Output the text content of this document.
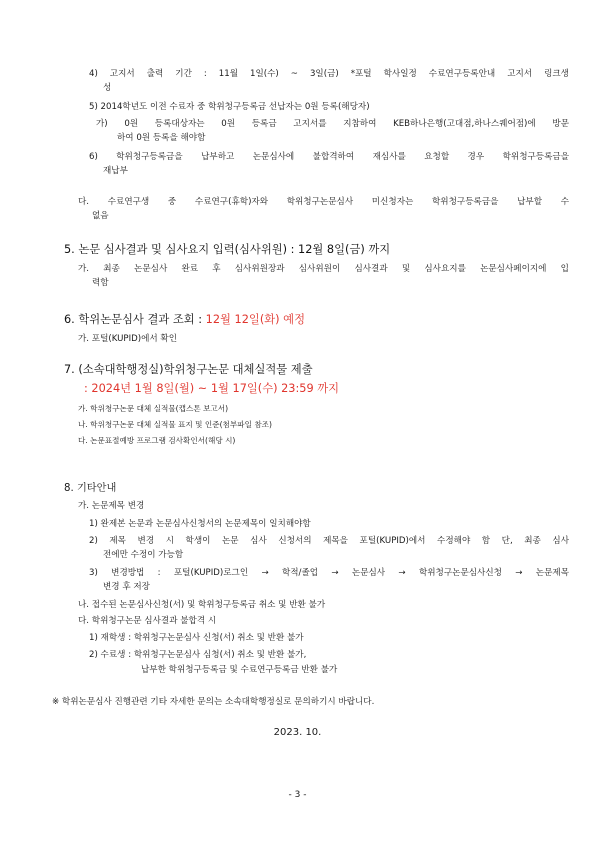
4) 고지서 출력 기간 : 11월 1일(수) ~ 3일(금) *포털 학사일정 수료연구등록안내 고지서 링크생
성
5) 2014학년도 이전 수료자 중 학위청구등록금 선납자는 0원 등록(해당자)
가) 0원 등록대상자는 0원 등록금 고지서를 지참하여 KEB하나은행(고대점,하나스퀘어점)에 방문
하여 0원 등록을 해야함
6) 학위청구등록금을 납부하고 논문심사에 불합격하여 재심사를 요청할 경우 학위청구등록금을
재납부
다. 수료연구생 중 수료연구(휴학)자와 학위청구논문심사 미신청자는 학위청구등록금을 납부할 수
없음
5. 논문 심사결과 및 심사요지 입력(심사위원) : 12월 8일(금) 까지
가. 최종 논문심사 완료 후 심사위원장과 심사위원이 심사결과 및 심사요지를 논문심사페이지에 입
력함
6. 학위논문심사 결과 조회 : 12월 12일(화) 예정
가. 포털(KUPID)에서 확인
7. (소속대학행정실)학위청구논문 대체실적물 제출
: 2024년 1월 8일(월) ~ 1월 17일(수) 23:59 까지
가. 학위청구논문 대체 실적물(캡스톤 보고서)
나. 학위청구논문 대체 실적물 표지 및 인준(첨부파일 참조)
다. 논문표절예방 프로그램 검사확인서(해당 시)
8. 기타안내
가. 논문제목 변경
1) 완제본 논문과 논문심사신청서의 논문제목이 일치해야함
2) 제목 변경 시 학생이 논문 심사 신청서의 제목을 포털(KUPID)에서 수정해야 함 단, 최종 심사
전에만 수정이 가능함
3) 변경방법 : 포털(KUPID)로그인 → 학적/졸업 → 논문심사 → 학위청구논문심사신청 → 논문제목
변경 후 저장
나. 접수된 논문심사신청(서) 및 학위청구등록금 취소 및 반환 불가
다. 학위청구논문 심사결과 불합격 시
1) 재학생 : 학위청구논문심사 신청(서) 취소 및 반환 불가
2) 수료생 : 학위청구논문심사 심청(서) 취소 및 반환 불가,
납부한 학위청구등록금 및 수료연구등록금 반환 불가
※ 학위논문심사 진행관련 기타 자세한 문의는 소속대학행정실로 문의하기시 바랍니다.
2023. 10.
- 3 -
